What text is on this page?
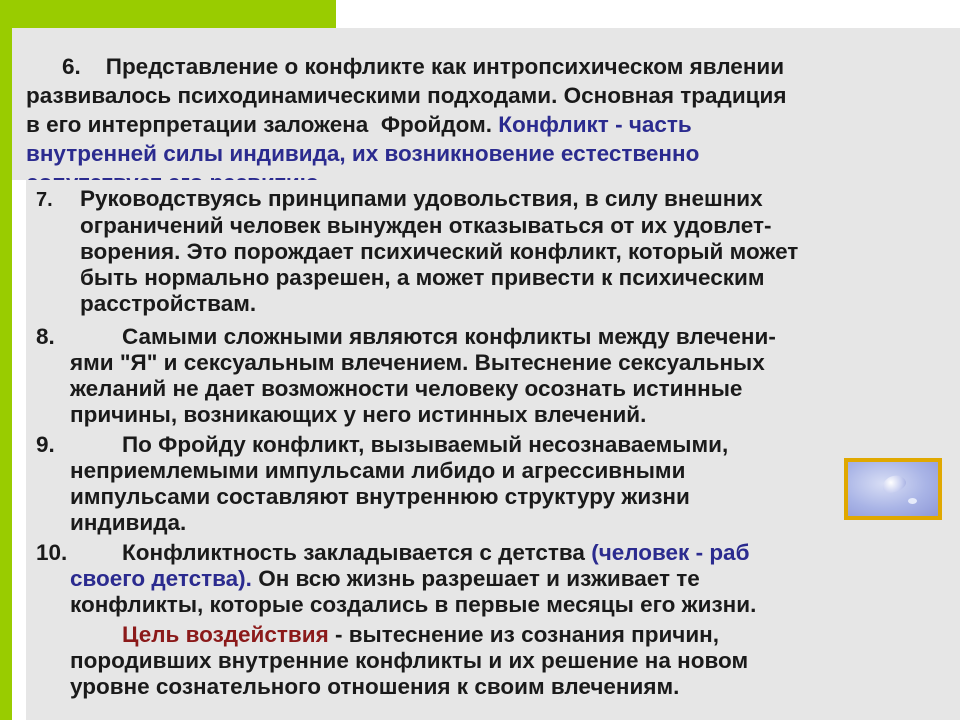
6.    Представление о конфликте как интропсихическом явлении
развивалось психодинамическими подходами. Основная традиция
в его интерпретации заложена  Фройдом. Конфликт - часть
внутренней силы индивида, их возникновение естественно
7. Руководствуясь принципами удовольствия, в силу внешних
ограничений человек вынужден отказываться от их удовлет-
ворения. Это порождает психический конфликт, который может
быть нормально разрешен, а может привести к психическим
расстройствам.
8.	Самыми сложными являются конфликты между влечени-
ями "Я" и сексуальным влечением. Вытеснение сексуальных
желаний не дает возможности человеку осознать истинные
причины, возникающих у него истинных влечений.
9.	По Фройду конфликт, вызываемый несознаваемыми,
неприемлемыми импульсами либидо и агрессивными
импульсами составляют внутреннюю структуру жизни
индивида.
10. Конфликтность закладывается с детства (человек - раб
своего детства). Он всю жизнь разрешает и изживает те
конфликты, которые создались в первые месяцы его жизни.
Цель воздействия - вытеснение из сознания причин,
породивших внутренние конфликты и их решение на новом
уровне сознательного отношения к своим влечениям.
